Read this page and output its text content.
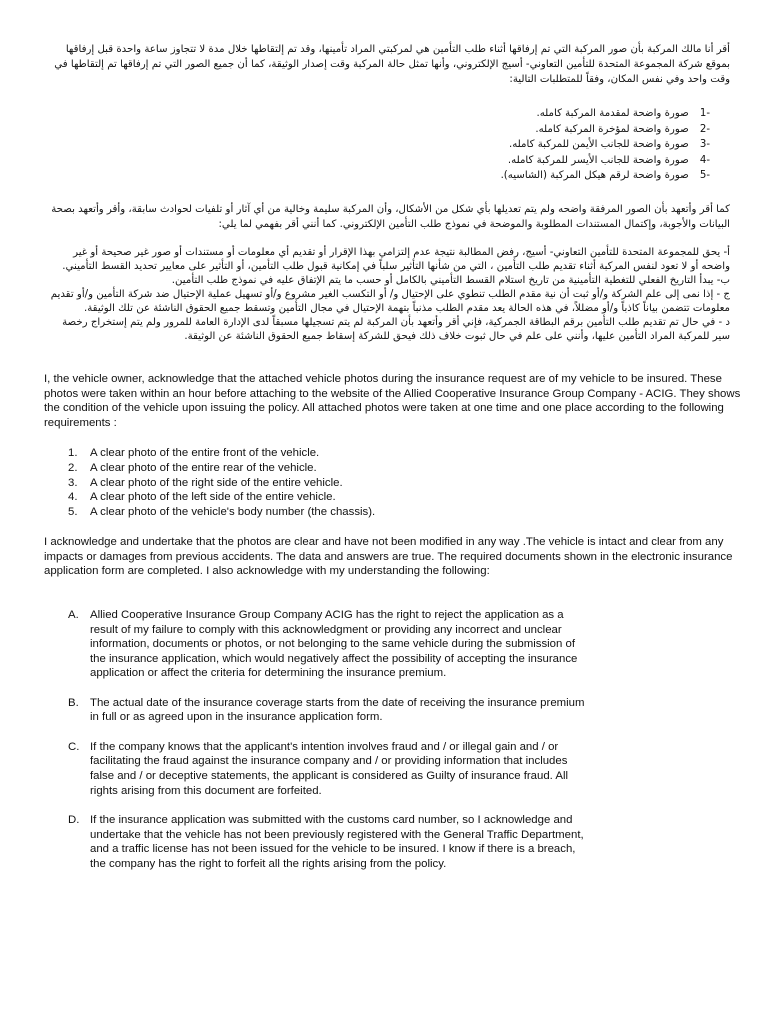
أقر أنا مالك المركبة بأن صور المركبة التي تم إرفاقها أثناء طلب التأمين هي لمركبتي المراد تأمينها، وقد تم إلتقاطها خلال مدة لا تتجاوز ساعة واحدة قبل إرفاقها بموقع شركة المجموعة المتحدة للتأمين التعاوني- أسيج الإلكتروني، وأنها تمثل حالة المركبة وقت إصدار الوثيقة، كما أن جميع الصور التي تم إرفاقها تم إلتقاطها في وقت واحد وفي نفس المكان، وفقاً للمتطلبات التالية:

-1 صورة واضحة لمقدمة المركبة كامله.
-2 صورة واضحة لمؤخرة المركبة كامله.
-3 صورة واضحة للجانب الأيمن للمركبة كامله.
-4 صورة واضحة للجانب الأيسر للمركبة كامله.
-5 صورة واضحة لرقم هيكل المركبة (الشاسيه).

كما أقر وأتعهد بأن الصور المرفقة واضحه ولم يتم تعديلها بأي شكل من الأشكال، وأن المركبة سليمة وخالية من أي آثار أو تلفيات لحوادث سابقة، وأقر وأتعهد بصحة البيانات والأجوبة، وإكتمال المستندات المطلوبة والموضحة في نموذج طلب التأمين الإلكتروني. كما أنني أقر بفهمي لما يلي:

أ- يحق للمجموعة المتحدة للتأمين التعاوني- أسيج، رفض المطالبة نتيجة عدم إلتزامي بهذا الإقرار أو تقديم أي معلومات أو مستندات أو صور غير صحيحة أو غير واضحه أو لا تعود لنفس المركبة أثناء تقديم طلب التأمين ، التي من شأنها التأثير سلباً في إمكانية قبول طلب التأمين، أو التأثير على معايير تحديد القسط التأميني.
ب- يبدأ التاريخ الفعلي للتغطية التأمينية من تاريخ استلام القسط التأميني بالكامل أو حسب ما يتم الإتفاق عليه في نموذج طلب التأمين.
ج - إذا نمى إلى علم الشركة و/أو ثبت أن نية مقدم الطلب تنطوي على الإحتيال و/ أو التكسب الغير مشروع و/أو تسهيل عملية الإحتيال ضد شركة التأمين و/أو تقديم معلومات تتضمن بياناً كاذباً و/أو مضللاً، في هذه الحالة يعد مقدم الطلب مذنباً بتهمة الإحتيال في مجال التأمين وتسقط جميع الحقوق الناشئة عن تلك الوثيقة.
د - في حال تم تقديم طلب التأمين برقم البطاقة الجمركية، فإني أقر وأتعهد بأن المركبة لم يتم تسجيلها مسبقاً لدى الإدارة العامة للمرور ولم يتم إستخراج رخصة سير للمركبة المراد التأمين عليها، وأنني على علم في حال ثبوت خلاف ذلك فيحق للشركة إسقاط جميع الحقوق الناشئة عن الوثيقة.

I, the vehicle owner, acknowledge that the attached vehicle photos during the insurance request are of my vehicle to be insured. These photos were taken within an hour before attaching to the website of the Allied Cooperative Insurance Group Company - ACIG. They shows the condition of the vehicle upon issuing the policy. All attached photos were taken at one time and one place according to the following requirements :

1. A clear photo of the entire front of the vehicle.
2. A clear photo of the entire rear of the vehicle.
3. A clear photo of the right side of the entire vehicle.
4. A clear photo of the left side of the entire vehicle.
5. A clear photo of the vehicle's body number (the chassis).

I acknowledge and undertake that the photos are clear and have not been modified in any way .The vehicle is intact and clear from any impacts or damages from previous accidents. The data and answers are true. The required documents shown in the electronic insurance application form are completed. I also acknowledge with my understanding the following:

A. Allied Cooperative Insurance Group Company ACIG has the right to reject the application as a result of my failure to comply with this acknowledgment or providing any incorrect and unclear information, documents or photos, or not belonging to the same vehicle during the submission of the insurance application, which would negatively affect the possibility of accepting the insurance application or affect the criteria for determining the insurance premium.
B. The actual date of the insurance coverage starts from the date of receiving the insurance premium in full or as agreed upon in the insurance application form.
C. If the company knows that the applicant's intention involves fraud and / or illegal gain and / or facilitating the fraud against the insurance company and / or providing information that includes false and / or deceptive statements, the applicant is considered as Guilty of insurance fraud. All rights arising from this document are forfeited.
D. If the insurance application was submitted with the customs card number, so I acknowledge and undertake that the vehicle has not been previously registered with the General Traffic Department, and a traffic license has not been issued for the vehicle to be insured. I know if there is a breach, the company has the right to forfeit all the rights arising from the policy.
